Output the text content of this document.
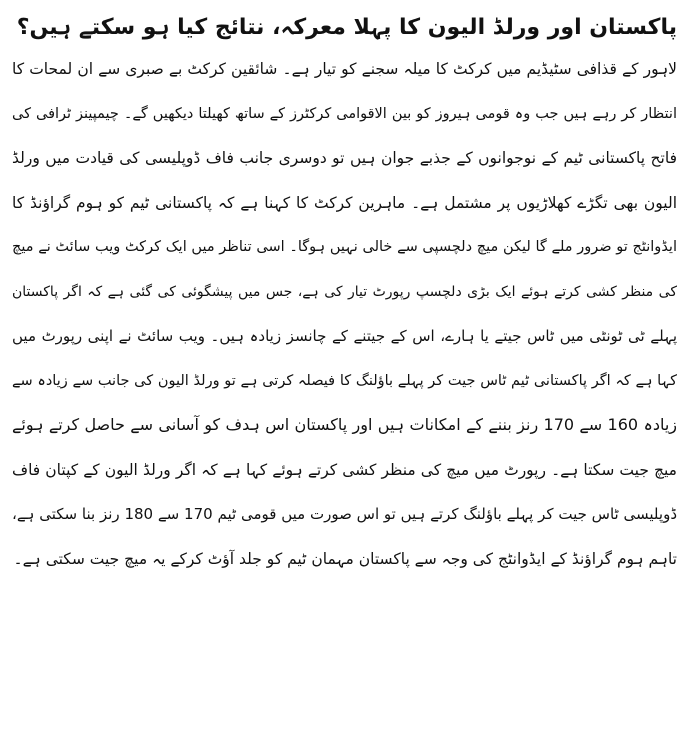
پاکستان اور ورلڈ الیون کا پہلا معرکہ، نتائج کیا ہو سکتے ہیں؟

لاہور کے قذافی سٹیڈیم میں کرکٹ کا میلہ سجنے کو تیار ہے۔ شائقین کرکٹ بے صبری سے ان لمحات کا

انتظار کر رہے ہیں جب وہ قومی ہیروز کو بین الاقوامی کرکٹرز کے ساتھ کھیلتا دیکھیں گے۔ چیمپینز ٹرافی کی

فاتح پاکستانی ٹیم کے نوجوانوں کے جذبے جوان ہیں تو دوسری جانب فاف ڈوپلیسی کی قیادت میں ورلڈ

الیون بھی تگڑے کھلاڑیوں پر مشتمل ہے۔ ماہرین کرکٹ کا کہنا ہے کہ پاکستانی ٹیم کو ہوم گراؤنڈ کا

ایڈوانٹج تو ضرور ملے گا لیکن میچ دلچسپی سے خالی نہیں ہوگا۔ اسی تناظر میں ایک کرکٹ ویب سائٹ نے میچ

کی منظر کشی کرتے ہوئے ایک بڑی دلچسپ رپورٹ تیار کی ہے، جس میں پیشگوئی کی گئی ہے کہ اگر پاکستان

پہلے ٹی ٹونٹی میں ٹاس جیتے یا ہارے، اس کے جیتنے کے چانسز زیادہ ہیں۔ ویب سائٹ نے اپنی رپورٹ میں

کہا ہے کہ اگر پاکستانی ٹیم ٹاس جیت کر پہلے باؤلنگ کا فیصلہ کرتی ہے تو ورلڈ الیون کی جانب سے زیادہ سے

زیادہ 160 سے 170 رنز بننے کے امکانات ہیں اور پاکستان اس ہدف کو آسانی سے حاصل کرتے ہوئے

میچ جیت سکتا ہے۔ رپورٹ میں میچ کی منظر کشی کرتے ہوئے کہا ہے کہ اگر ورلڈ الیون کے کپتان فاف

ڈوپلیسی ٹاس جیت کر پہلے باؤلنگ کرتے ہیں تو اس صورت میں قومی ٹیم 170 سے 180 رنز بنا سکتی ہے،

تاہم ہوم گراؤنڈ کے ایڈوانٹج کی وجہ سے پاکستان مہمان ٹیم کو جلد آؤٹ کرکے یہ میچ جیت سکتی ہے۔
